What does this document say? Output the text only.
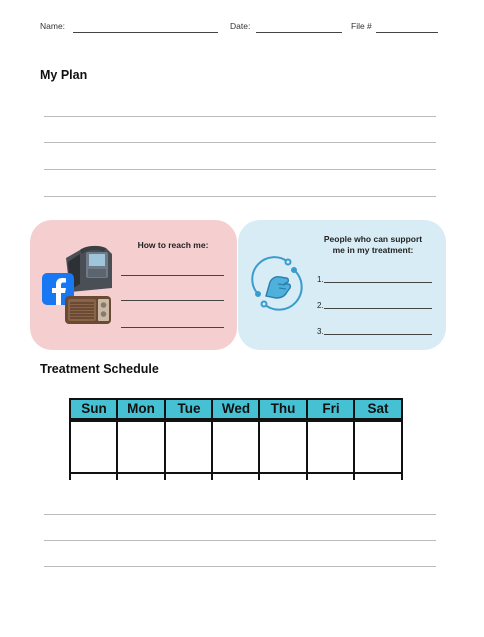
Name:	Date:	File #
My Plan
How to reach me:
People who can support
me in my treatment:
1.
2.
3.
Treatment Schedule
Sun	Mon	Tue	Wed	Thu	Fri	Sat
